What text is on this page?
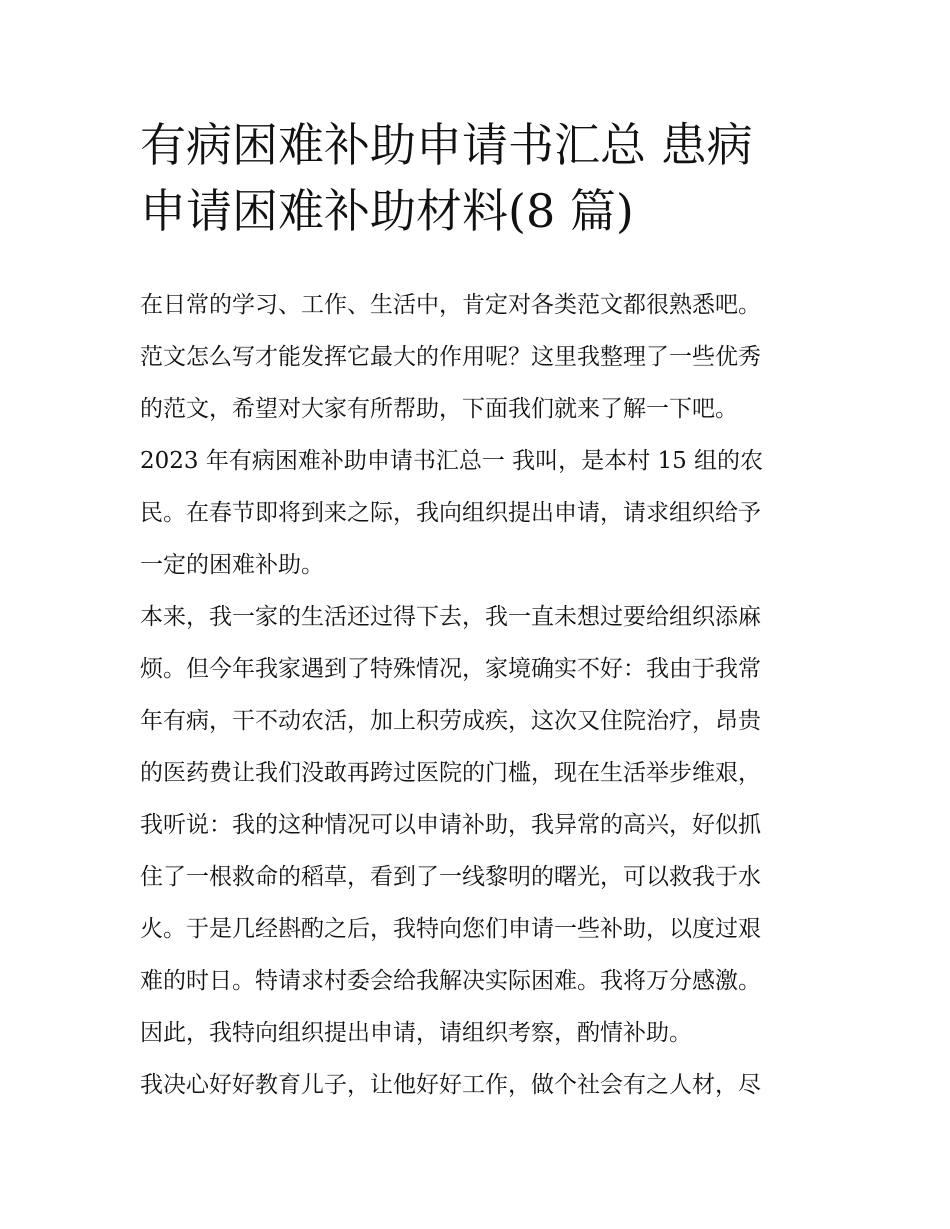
有病困难补助申请书汇总 患病
申请困难补助材料(8 篇)

在日常的学习、工作、生活中，肯定对各类范文都很熟悉吧。
范文怎么写才能发挥它最大的作用呢？这里我整理了一些优秀
的范文，希望对大家有所帮助，下面我们就来了解一下吧。

2023 年有病困难补助申请书汇总一 我叫，是本村 15 组的农
民。在春节即将到来之际，我向组织提出申请，请求组织给予
一定的困难补助。

本来，我一家的生活还过得下去，我一直未想过要给组织添麻
烦。但今年我家遇到了特殊情况，家境确实不好：我由于我常
年有病，干不动农活，加上积劳成疾，这次又住院治疗，昂贵
的医药费让我们没敢再跨过医院的门槛，现在生活举步维艰，
我听说：我的这种情况可以申请补助，我异常的高兴，好似抓
住了一根救命的稻草，看到了一线黎明的曙光，可以救我于水
火。于是几经斟酌之后，我特向您们申请一些补助，以度过艰
难的时日。特请求村委会给我解决实际困难。我将万分感激。
因此，我特向组织提出申请，请组织考察，酌情补助。

我决心好好教育儿子，让他好好工作，做个社会有之人材，尽
